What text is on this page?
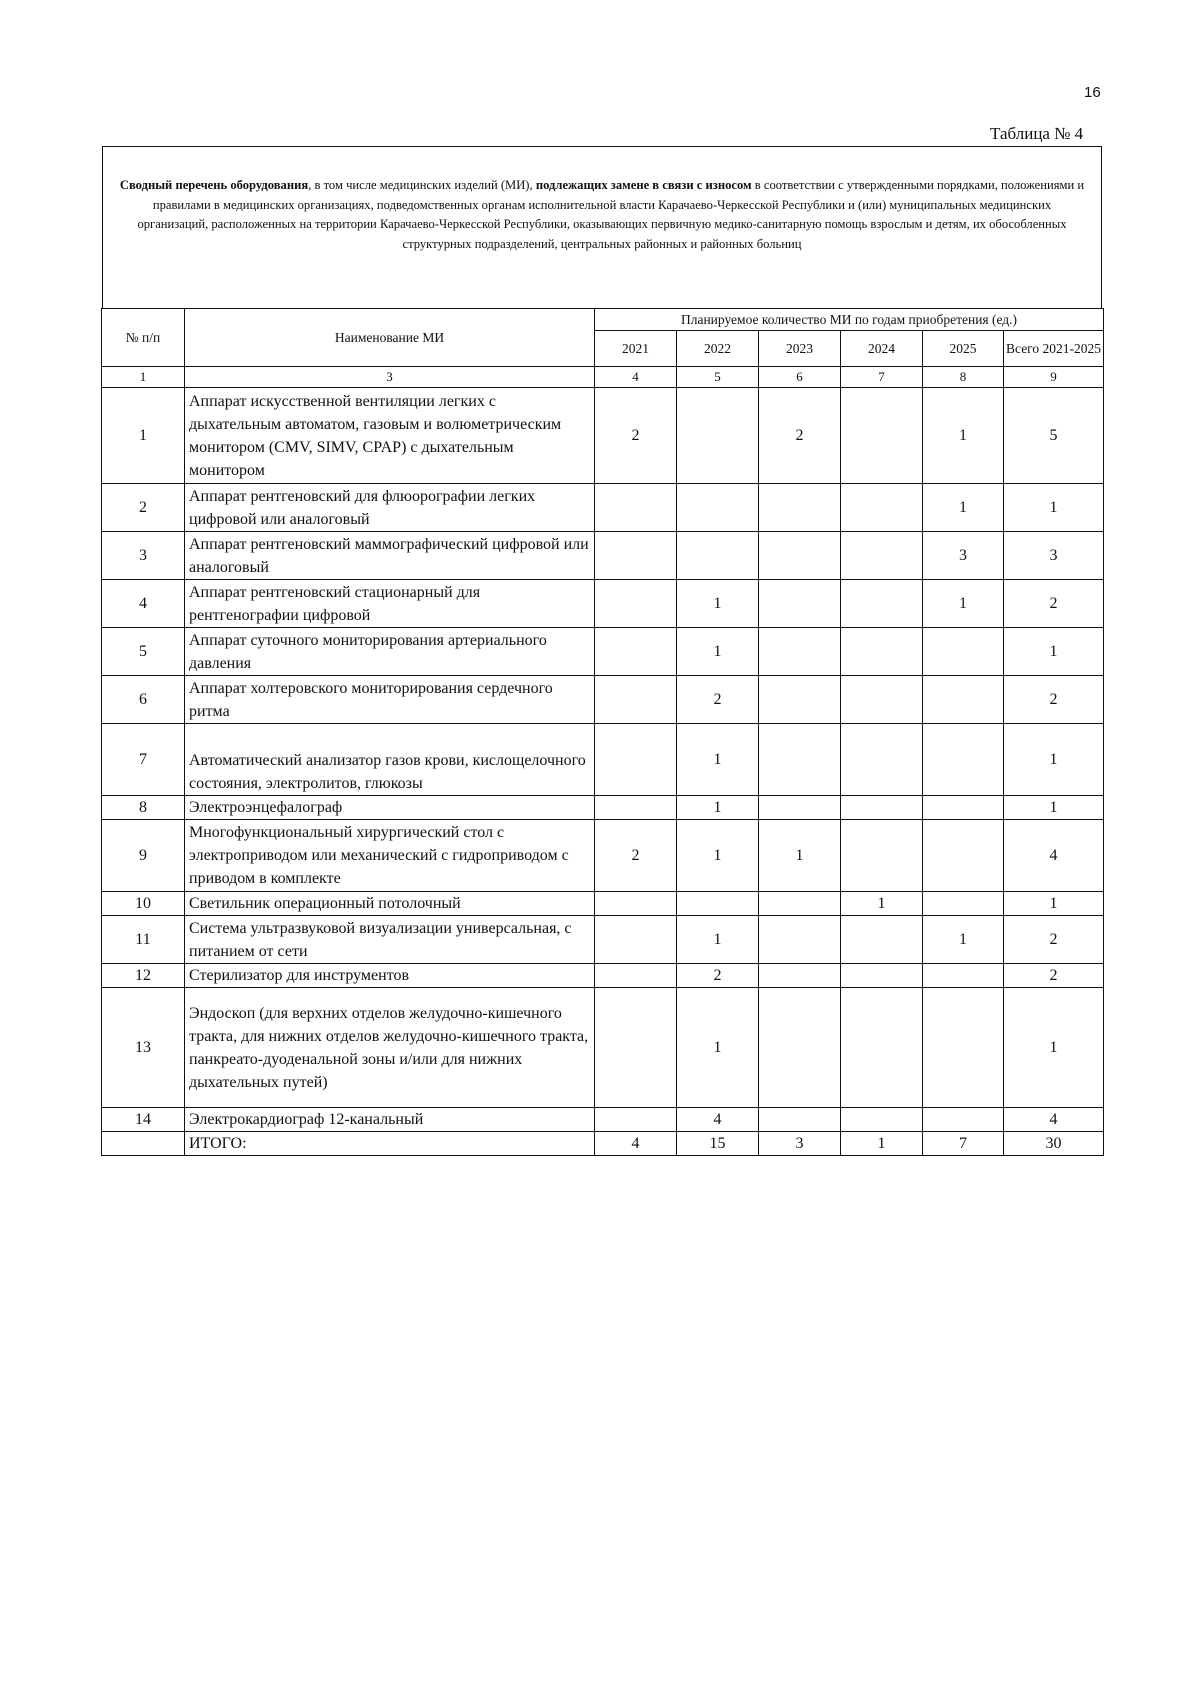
16
Таблица № 4
Сводный перечень оборудования, в том числе медицинских изделий (МИ), подлежащих замене в связи с износом в соответствии с утвержденными порядками, положениями и правилами в медицинских организациях, подведомственных органам исполнительной власти Карачаево-Черкесской Республики и (или) муниципальных медицинских организаций, расположенных на территории Карачаево-Черкесской Республики, оказывающих первичную медико-санитарную помощь взрослым и детям, их обособленных структурных подразделений, центральных районных и районных больниц
№ п/п	Наименование МИ	Планируемое количество МИ по годам приобретения (ед.)					
		2021	2022	2023	2024	2025	Всего 2021-2025
1	3	4	5	6	7	8	9
1	Аппарат искусственной вентиляции легких с дыхательным автоматом, газовым и волюметрическим монитором (CMV, SIMV, CPAP) с дыхательным монитором	2		2		1	5
2	Аппарат рентгеновский для флюорографии легких цифровой или аналоговый					1	1
3	Аппарат рентгеновский маммографический цифровой или аналоговый					3	3
4	Аппарат рентгеновский стационарный для рентгенографии цифровой		1			1	2
5	Аппарат суточного мониторирования артериального давления		1				1
6	Аппарат холтеровского мониторирования сердечного ритма		2				2
7	Автоматический анализатор газов крови, кислощелочного состояния, электролитов, глюкозы		1				1
8	Электроэнцефалограф		1				1
9	Многофункциональный хирургический стол с электроприводом или механический с гидроприводом с приводом в комплекте	2	1	1			4
10	Светильник операционный потолочный				1		1
11	Система ультразвуковой визуализации универсальная, с питанием от сети		1			1	2
12	Стерилизатор для инструментов		2				2
13	Эндоскоп (для верхних отделов желудочно-кишечного тракта, для нижних отделов желудочно-кишечного тракта, панкреато-дуоденальной зоны и/или для нижних дыхательных путей)		1				1
14	Электрокардиограф 12-канальный		4				4
	ИТОГО:	4	15	3	1	7	30
